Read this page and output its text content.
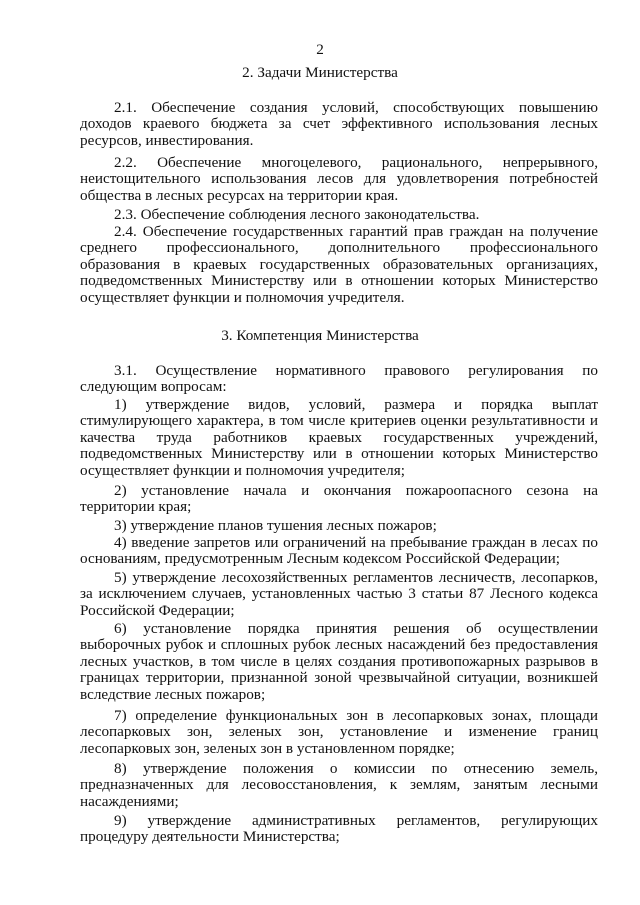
2
2. Задачи Министерства
2.1. Обеспечение создания условий, способствующих повышению доходов краевого бюджета за счет эффективного использования лесных ресурсов, инвестирования.
2.2. Обеспечение многоцелевого, рационального, непрерывного, неистощительного использования лесов для удовлетворения потребностей общества в лесных ресурсах на территории края.
2.3. Обеспечение соблюдения лесного законодательства.
2.4. Обеспечение государственных гарантий прав граждан на получение среднего профессионального, дополнительного профессионального образования в краевых государственных образовательных организациях, подведомственных Министерству или в отношении которых Министерство осуществляет функции и полномочия учредителя.
3. Компетенция Министерства
3.1. Осуществление нормативного правового регулирования по следующим вопросам:
1) утверждение видов, условий, размера и порядка выплат стимулирующего характера, в том числе критериев оценки результативности и качества труда работников краевых государственных учреждений, подведомственных Министерству или в отношении которых Министерство осуществляет функции и полномочия учредителя;
2) установление начала и окончания пожароопасного сезона на территории края;
3) утверждение планов тушения лесных пожаров;
4) введение запретов или ограничений на пребывание граждан в лесах по основаниям, предусмотренным Лесным кодексом Российской Федерации;
5) утверждение лесохозяйственных регламентов лесничеств, лесопарков, за исключением случаев, установленных частью 3 статьи 87 Лесного кодекса Российской Федерации;
6) установление порядка принятия решения об осуществлении выборочных рубок и сплошных рубок лесных насаждений без предоставления лесных участков, в том числе в целях создания противопожарных разрывов в границах территории, признанной зоной чрезвычайной ситуации, возникшей вследствие лесных пожаров;
7) определение функциональных зон в лесопарковых зонах, площади лесопарковых зон, зеленых зон, установление и изменение границ лесопарковых зон, зеленых зон в установленном порядке;
8) утверждение положения о комиссии по отнесению земель, предназначенных для лесовосстановления, к землям, занятым лесными насаждениями;
9) утверждение административных регламентов, регулирующих процедуру деятельности Министерства;
